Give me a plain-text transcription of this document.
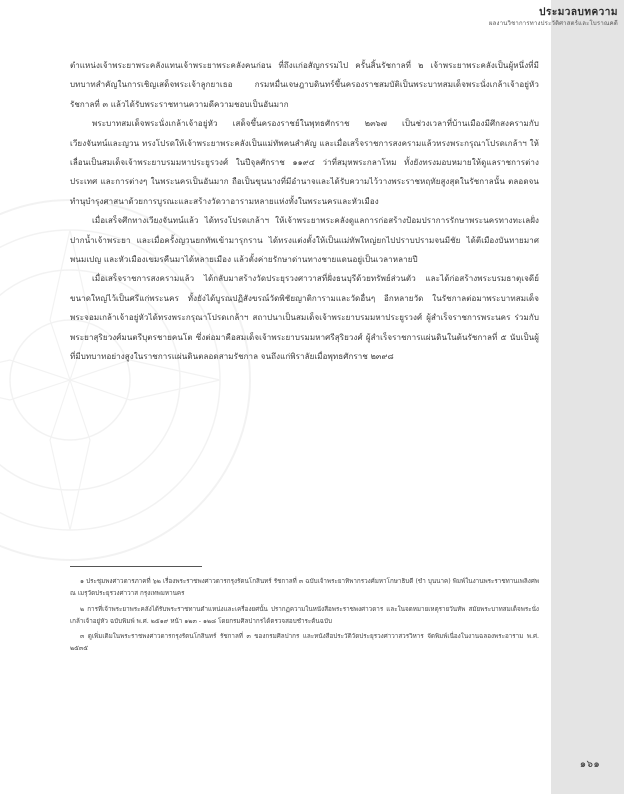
ประมวลบทความ
ผลงานวิชาการทางประวัติศาสตร์และโบราณคดี

ตำแหน่งเจ้าพระยาพระคลังแทนเจ้าพระยาพระคลังคนก่อน ที่ถึงแก่อสัญกรรมไป ครั้นสิ้นรัชกาลที่ ๒ เจ้าพระยาพระคลังเป็นผู้หนึ่งที่มีบทบาทสำคัญในการเชิญเสด็จพระเจ้าลูกยาเธอ กรมหมื่นเจษฎาบดินทร์ขึ้นครองราชสมบัติเป็นพระบาทสมเด็จพระนั่งเกล้าเจ้าอยู่หัว รัชกาลที่ ๓ แล้วได้รับพระราชทานความดีความชอบเป็นอันมาก

พระบาทสมเด็จพระนั่งเกล้าเจ้าอยู่หัว เสด็จขึ้นครองราชย์ในพุทธศักราช ๒๓๖๗ เป็นช่วงเวลาที่บ้านเมืองมีศึกสงครามกับเวียงจันทน์และญวน ทรงโปรดให้เจ้าพระยาพระคลังเป็นแม่ทัพคนสำคัญ และเมื่อเสร็จราชการสงครามแล้วทรงพระกรุณาโปรดเกล้าฯ ให้เลื่อนเป็นสมเด็จเจ้าพระยาบรมมหาประยูรวงศ์ ในปีจุลศักราช ๑๑๙๔ ว่าที่สมุหพระกลาโหม ทั้งยังทรงมอบหมายให้ดูแลราชการต่างประเทศ และการต่างๆ ในพระนครเป็นอันมาก ถือเป็นขุนนางที่มีอำนาจและได้รับความไว้วางพระราชหฤทัยสูงสุดในรัชกาลนั้น ตลอดจนทำนุบำรุงศาสนาด้วยการบูรณะและสร้างวัดวาอารามหลายแห่งทั้งในพระนครและหัวเมือง

เมื่อเสร็จศึกทางเวียงจันทน์แล้ว ได้ทรงโปรดเกล้าฯ ให้เจ้าพระยาพระคลังดูแลการก่อสร้างป้อมปราการรักษาพระนครทางทะเลฝั่งปากน้ำเจ้าพระยา และเมื่อครั้งญวนยกทัพเข้ามารุกราน ได้ทรงแต่งตั้งให้เป็นแม่ทัพใหญ่ยกไปปราบปรามจนมีชัย ได้ตีเมืองบันทายมาศ พนมเปญ และหัวเมืองเขมรคืนมาได้หลายเมือง แล้วตั้งค่ายรักษาด่านทางชายแดนอยู่เป็นเวลาหลายปี

เมื่อเสร็จราชการสงครามแล้ว ได้กลับมาสร้างวัดประยุรวงศาวาสที่ฝั่งธนบุรีด้วยทรัพย์ส่วนตัว และได้ก่อสร้างพระบรมธาตุเจดีย์ขนาดใหญ่ไว้เป็นศรีแก่พระนคร ทั้งยังได้บูรณปฏิสังขรณ์วัดพิชัยญาติการามและวัดอื่นๆ อีกหลายวัด ในรัชกาลต่อมาพระบาทสมเด็จพระจอมเกล้าเจ้าอยู่หัวได้ทรงพระกรุณาโปรดเกล้าฯ สถาปนาเป็นสมเด็จเจ้าพระยาบรมมหาประยูรวงศ์ ผู้สำเร็จราชการพระนคร ร่วมกับพระยาสุริยวงศ์มนตรีบุตรชายคนโต ซึ่งต่อมาคือสมเด็จเจ้าพระยาบรมมหาศรีสุริยวงศ์ ผู้สำเร็จราชการแผ่นดินในต้นรัชกาลที่ ๕ นับเป็นผู้ที่มีบทบาทอย่างสูงในราชการแผ่นดินตลอดสามรัชกาล จนถึงแก่พิราลัยเมื่อพุทธศักราช ๒๓๙๘

๑ ประชุมพงศาวดารภาคที่ ๖๒ เรื่องพระราชพงศาวดารกรุงรัตนโกสินทร์ รัชกาลที่ ๓ ฉบับเจ้าพระยาทิพากรวงศ์มหาโกษาธิบดี (ขำ บุนนาค) พิมพ์ในงานพระราชทานเพลิงศพ ณ เมรุวัดประยุรวงศาวาส กรุงเทพมหานคร

๒ การที่เจ้าพระยาพระคลังได้รับพระราชทานตำแหน่งและเครื่องยศนั้น ปรากฏความในหนังสือพระราชพงศาวดาร และในจดหมายเหตุรายวันทัพ สมัยพระบาทสมเด็จพระนั่งเกล้าเจ้าอยู่หัว ฉบับพิมพ์ พ.ศ. ๒๕๑๙ หน้า ๑๒๓ - ๑๒๘ โดยกรมศิลปากรได้ตรวจสอบชำระต้นฉบับ

๓ ดูเพิ่มเติมในพระราชพงศาวดารกรุงรัตนโกสินทร์ รัชกาลที่ ๓ ของกรมศิลปากร และหนังสือประวัติวัดประยุรวงศาวาสวรวิหาร จัดพิมพ์เนื่องในงานฉลองพระอาราม พ.ศ. ๒๕๓๕

๑๖๑
